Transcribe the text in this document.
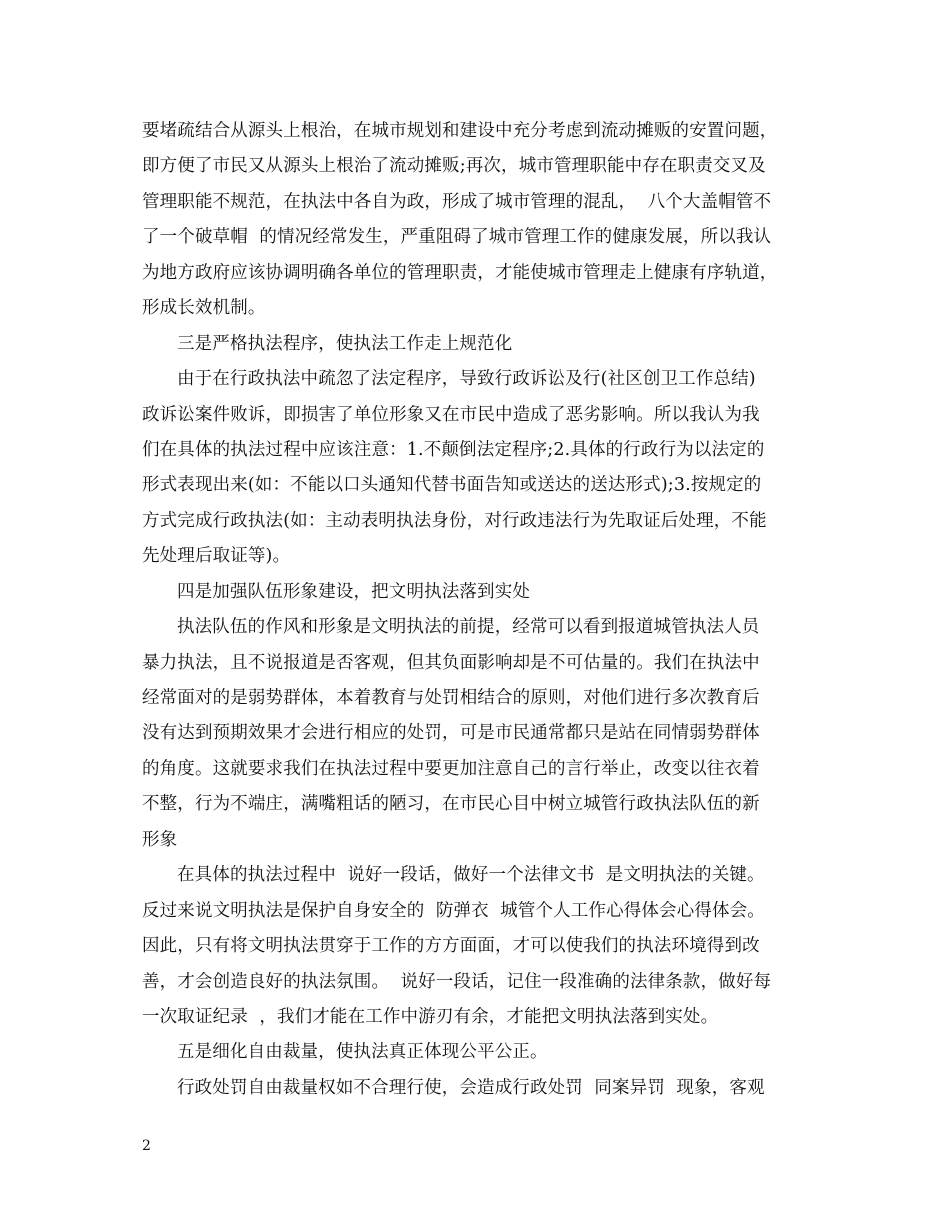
要堵疏结合从源头上根治，在城市规划和建设中充分考虑到流动摊贩的安置问题，
即方便了市民又从源头上根治了流动摊贩;再次，城市管理职能中存在职责交叉及
管理职能不规范，在执法中各自为政，形成了城市管理的混乱，  八个大盖帽管不
了一个破草帽  的情况经常发生，严重阻碍了城市管理工作的健康发展，所以我认
为地方政府应该协调明确各单位的管理职责，才能使城市管理走上健康有序轨道，
形成长效机制。
三是严格执法程序，使执法工作走上规范化
由于在行政执法中疏忽了法定程序，导致行政诉讼及行(社区创卫工作总结)
政诉讼案件败诉，即损害了单位形象又在市民中造成了恶劣影响。所以我认为我
们在具体的执法过程中应该注意：1.不颠倒法定程序;2.具体的行政行为以法定的
形式表现出来(如：不能以口头通知代替书面告知或送达的送达形式);3.按规定的
方式完成行政执法(如：主动表明执法身份，对行政违法行为先取证后处理，不能
先处理后取证等)。
四是加强队伍形象建设，把文明执法落到实处
执法队伍的作风和形象是文明执法的前提，经常可以看到报道城管执法人员
暴力执法，且不说报道是否客观，但其负面影响却是不可估量的。我们在执法中
经常面对的是弱势群体，本着教育与处罚相结合的原则，对他们进行多次教育后
没有达到预期效果才会进行相应的处罚，可是市民通常都只是站在同情弱势群体
的角度。这就要求我们在执法过程中要更加注意自己的言行举止，改变以往衣着
不整，行为不端庄，满嘴粗话的陋习，在市民心目中树立城管行政执法队伍的新
形象
在具体的执法过程中  说好一段话，做好一个法律文书  是文明执法的关键。
反过来说文明执法是保护自身安全的  防弹衣  城管个人工作心得体会心得体会。
因此，只有将文明执法贯穿于工作的方方面面，才可以使我们的执法环境得到改
善，才会创造良好的执法氛围。  说好一段话，记住一段准确的法律条款，做好每
一次取证纪录  ，我们才能在工作中游刃有余，才能把文明执法落到实处。
五是细化自由裁量，使执法真正体现公平公正。
行政处罚自由裁量权如不合理行使，会造成行政处罚  同案异罚  现象，客观
2
